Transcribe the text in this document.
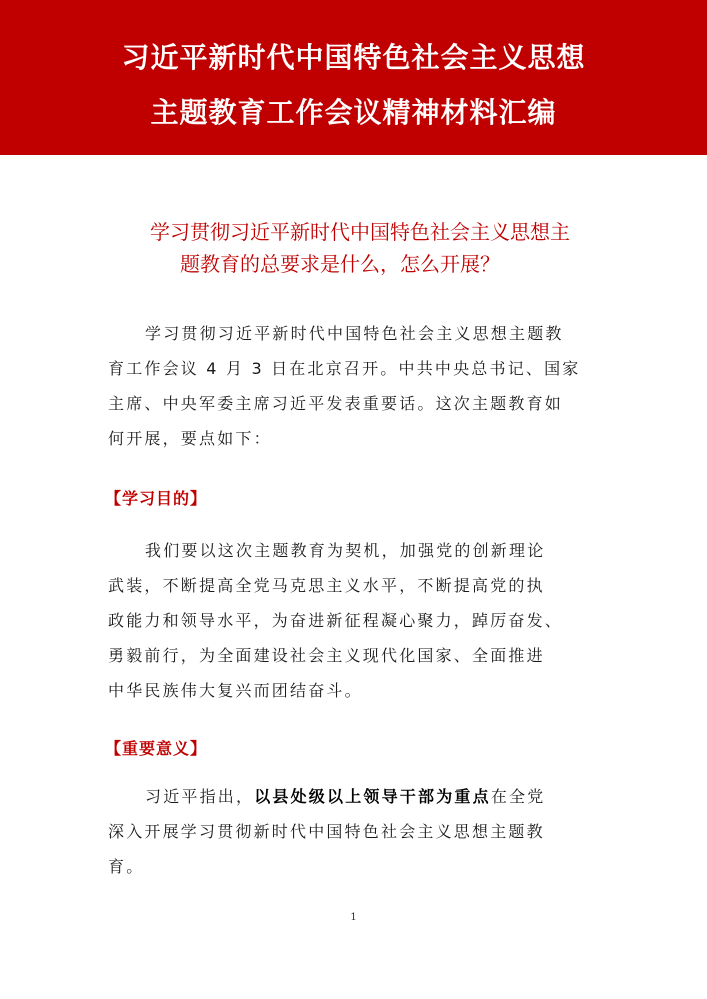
习近平新时代中国特色社会主义思想
主题教育工作会议精神材料汇编
学习贯彻习近平新时代中国特色社会主义思想主
题教育的总要求是什么，怎么开展？
学习贯彻习近平新时代中国特色社会主义思想主题教
育工作会议 4 月 3 日在北京召开。中共中央总书记、国家
主席、中央军委主席习近平发表重要话。这次主题教育如
何开展，要点如下：
【学习目的】
我们要以这次主题教育为契机，加强党的创新理论
武装，不断提高全党马克思主义水平，不断提高党的执
政能力和领导水平，为奋进新征程凝心聚力，踔厉奋发、
勇毅前行，为全面建设社会主义现代化国家、全面推进
中华民族伟大复兴而团结奋斗。
【重要意义】
习近平指出，以县处级以上领导干部为重点在全党
深入开展学习贯彻新时代中国特色社会主义思想主题教
育。
1
